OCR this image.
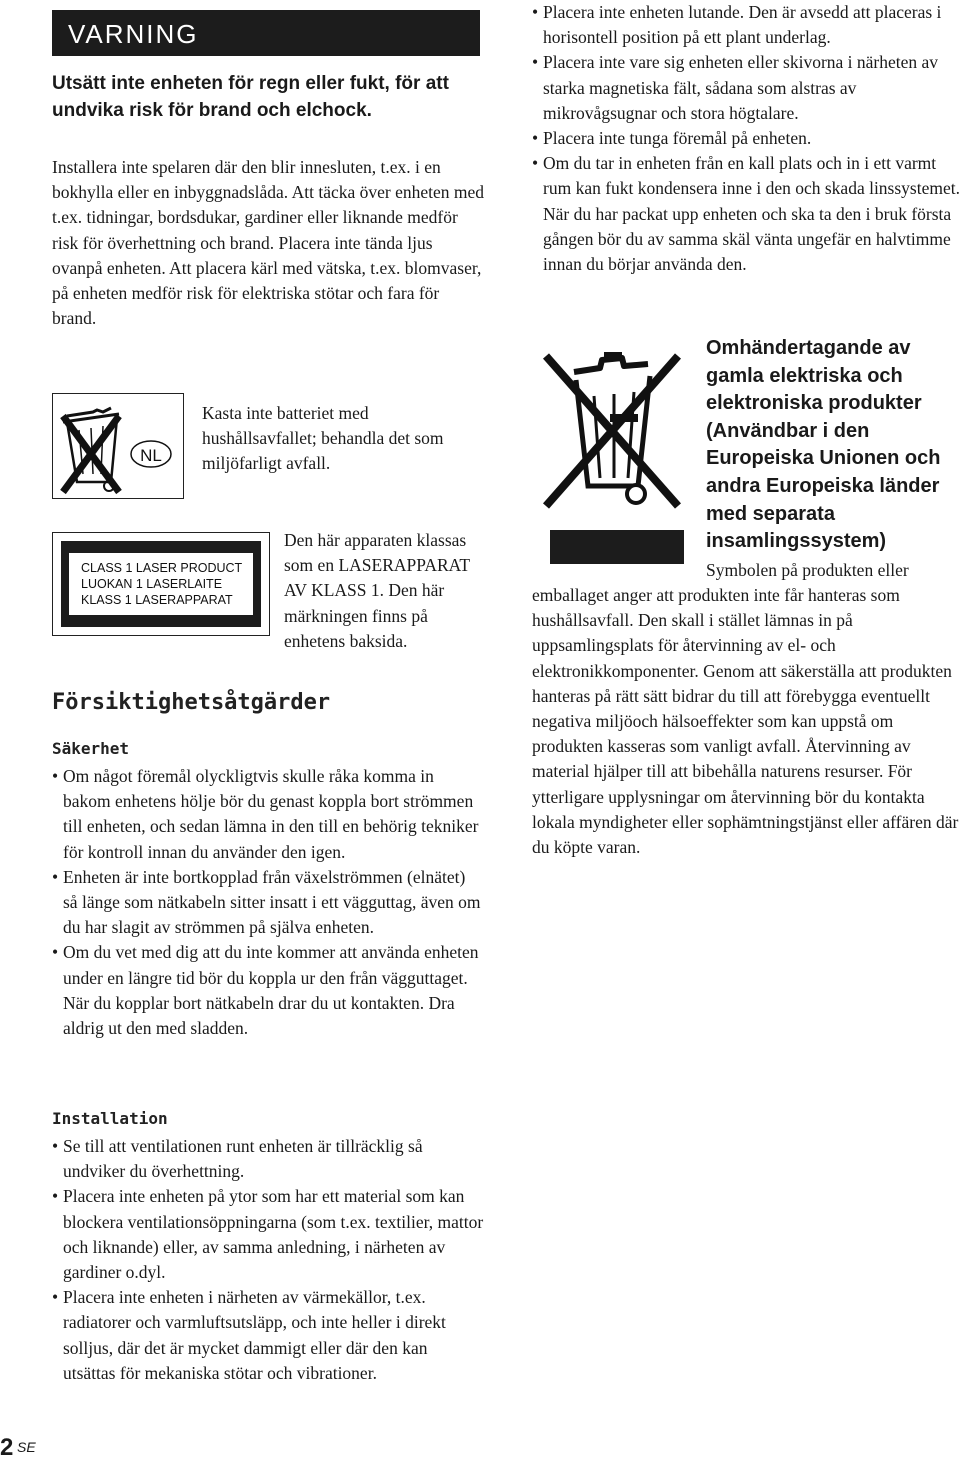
VARNING
Utsätt inte enheten för regn eller fukt, för att undvika risk för brand och elchock.
Installera inte spelaren där den blir innesluten, t.ex. i en bokhylla eller en inbyggnadslåda. Att täcka över enheten med t.ex. tidningar, bordsdukar, gardiner eller liknande medför risk för överhettning och brand. Placera inte tända ljus ovanpå enheten. Att placera kärl med vätska, t.ex. blomvaser, på enheten medför risk för elektriska stötar och fara för brand.
NL
Kasta inte batteriet med hushållsavfallet; behandla det som miljöfarligt avfall.
CLASS 1 LASER PRODUCT
LUOKAN 1 LASERLAITE
KLASS 1 LASERAPPARAT
Den här apparaten klassas som en LASERAPPARAT AV KLASS 1. Den här märkningen finns på enhetens baksida.
Försiktighetsåtgärder
Säkerhet
• Om något föremål olyckligtvis skulle råka komma in bakom enhetens hölje bör du genast koppla bort strömmen till enheten, och sedan lämna in den till en behörig tekniker för kontroll innan du använder den igen.
• Enheten är inte bortkopplad från växelströmmen (elnätet) så länge som nätkabeln sitter insatt i ett vägguttag, även om du har slagit av strömmen på själva enheten.
• Om du vet med dig att du inte kommer att använda enheten under en längre tid bör du koppla ur den från vägguttaget. När du kopplar bort nätkabeln drar du ut kontakten. Dra aldrig ut den med sladden.
Installation
• Se till att ventilationen runt enheten är tillräcklig så undviker du överhettning.
• Placera inte enheten på ytor som har ett material som kan blockera ventilationsöppningarna (som t.ex. textilier, mattor och liknande) eller, av samma anledning, i närheten av gardiner o.dyl.
• Placera inte enheten i närheten av värmekällor, t.ex. radiatorer och varmluftsutsläpp, och inte heller i direkt solljus, där det är mycket dammigt eller där den kan utsättas för mekaniska stötar och vibrationer.
• Placera inte enheten lutande. Den är avsedd att placeras i horisontell position på ett plant underlag.
• Placera inte vare sig enheten eller skivorna i närheten av starka magnetiska fält, sådana som alstras av mikrovågsugnar och stora högtalare.
• Placera inte tunga föremål på enheten.
• Om du tar in enheten från en kall plats och in i ett varmt rum kan fukt kondensera inne i den och skada linssystemet. När du har packat upp enheten och ska ta den i bruk första gången bör du av samma skäl vänta ungefär en halvtimme innan du börjar använda den.
Omhändertagande av gamla elektriska och elektroniska produkter (Användbar i den Europeiska Unionen och andra Europeiska länder med separata insamlingssystem)
Symbolen på produkten eller
emballaget anger att produkten inte får hanteras som hushållsavfall. Den skall i stället lämnas in på uppsamlingsplats för återvinning av el- och elektronikkomponenter. Genom att säkerställa att produkten hanteras på rätt sätt bidrar du till att förebygga eventuellt negativa miljöoch hälsoeffekter som kan uppstå om produkten kasseras som vanligt avfall. Återvinning av material hjälper till att bibehålla naturens resurser. För ytterligare upplysningar om återvinning bör du kontakta lokala myndigheter eller sophämtningstjänst eller affären där du köpte varan.
2 SE
